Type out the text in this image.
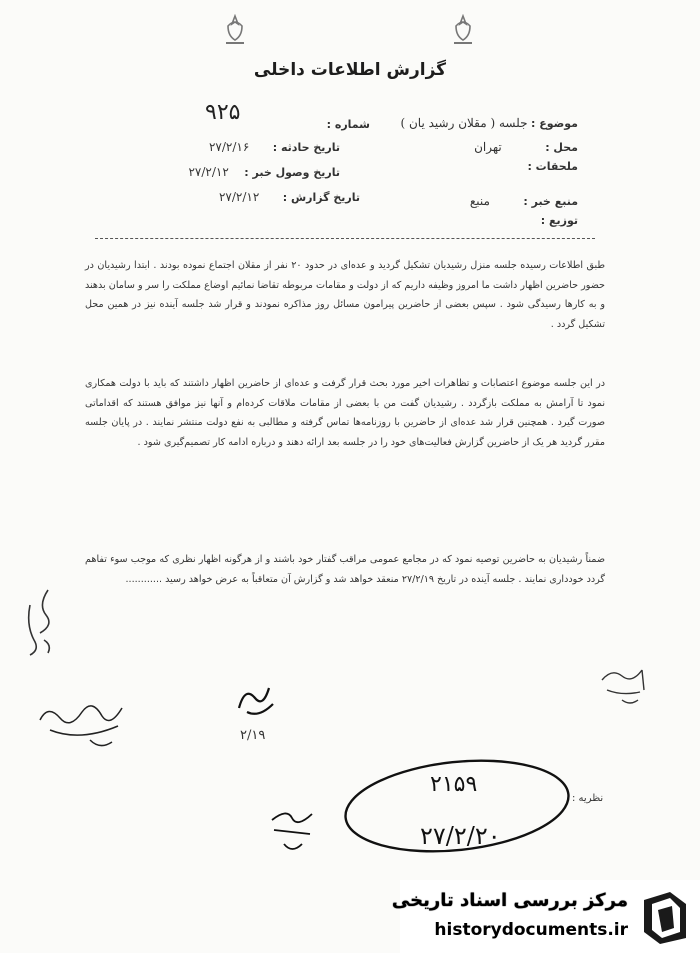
گزارش اطلاعات داخلی
موضوع : جلسه ( مقلان رشید یان )
محل : تهران
ملحقات :
منبع خبر : منبع
توزیع :
شماره :
۹۲۵
تاریخ حادثه : ۲۷/۲/۱۶
تاریخ وصول خبر : ۲۷/۲/۱۲
تاریخ گزارش : ۲۷/۲/۱۲
طبق اطلاعات رسیده جلسه منزل رشیدیان تشکیل گردید و عده‌ای در حدود ۲۰ نفر از مقلان اجتماع نموده بودند . ابتدا رشیدیان در حضور حاضرین اظهار داشت ما امروز وظیفه داریم که از دولت و مقامات مربوطه تقاضا نمائیم اوضاع مملکت را سر و سامان بدهند و به کارها رسیدگی شود . سپس بعضی از حاضرین پیرامون مسائل روز مذاکره نمودند و قرار شد جلسه آینده نیز در همین محل تشکیل گردد .
در این جلسه موضوع اعتصابات و تظاهرات اخیر مورد بحث قرار گرفت و عده‌ای از حاضرین اظهار داشتند که باید با دولت همکاری نمود تا آرامش به مملکت بازگردد . رشیدیان گفت من با بعضی از مقامات ملاقات کرده‌ام و آنها نیز موافق هستند که اقداماتی صورت گیرد . همچنین قرار شد عده‌ای از حاضرین با روزنامه‌ها تماس گرفته و مطالبی به نفع دولت منتشر نمایند . در پایان جلسه مقرر گردید هر یک از حاضرین گزارش فعالیت‌های خود را در جلسه بعد ارائه دهند و درباره ادامه کار تصمیم‌گیری شود .
ضمناً رشیدیان به حاضرین توصیه نمود که در مجامع عمومی مراقب گفتار خود باشند و از هرگونه اظهار نظری که موجب سوء تفاهم گردد خودداری نمایند . جلسه آینده در تاریخ ۲۷/۲/۱۹ منعقد خواهد شد و گزارش آن متعاقباً به عرض خواهد رسید ............
۲/۱۹
نظریه :
۲۱۵۹
۲۷/۲/۲۰
مرکز بررسی اسناد تاریخی
historydocuments.ir
